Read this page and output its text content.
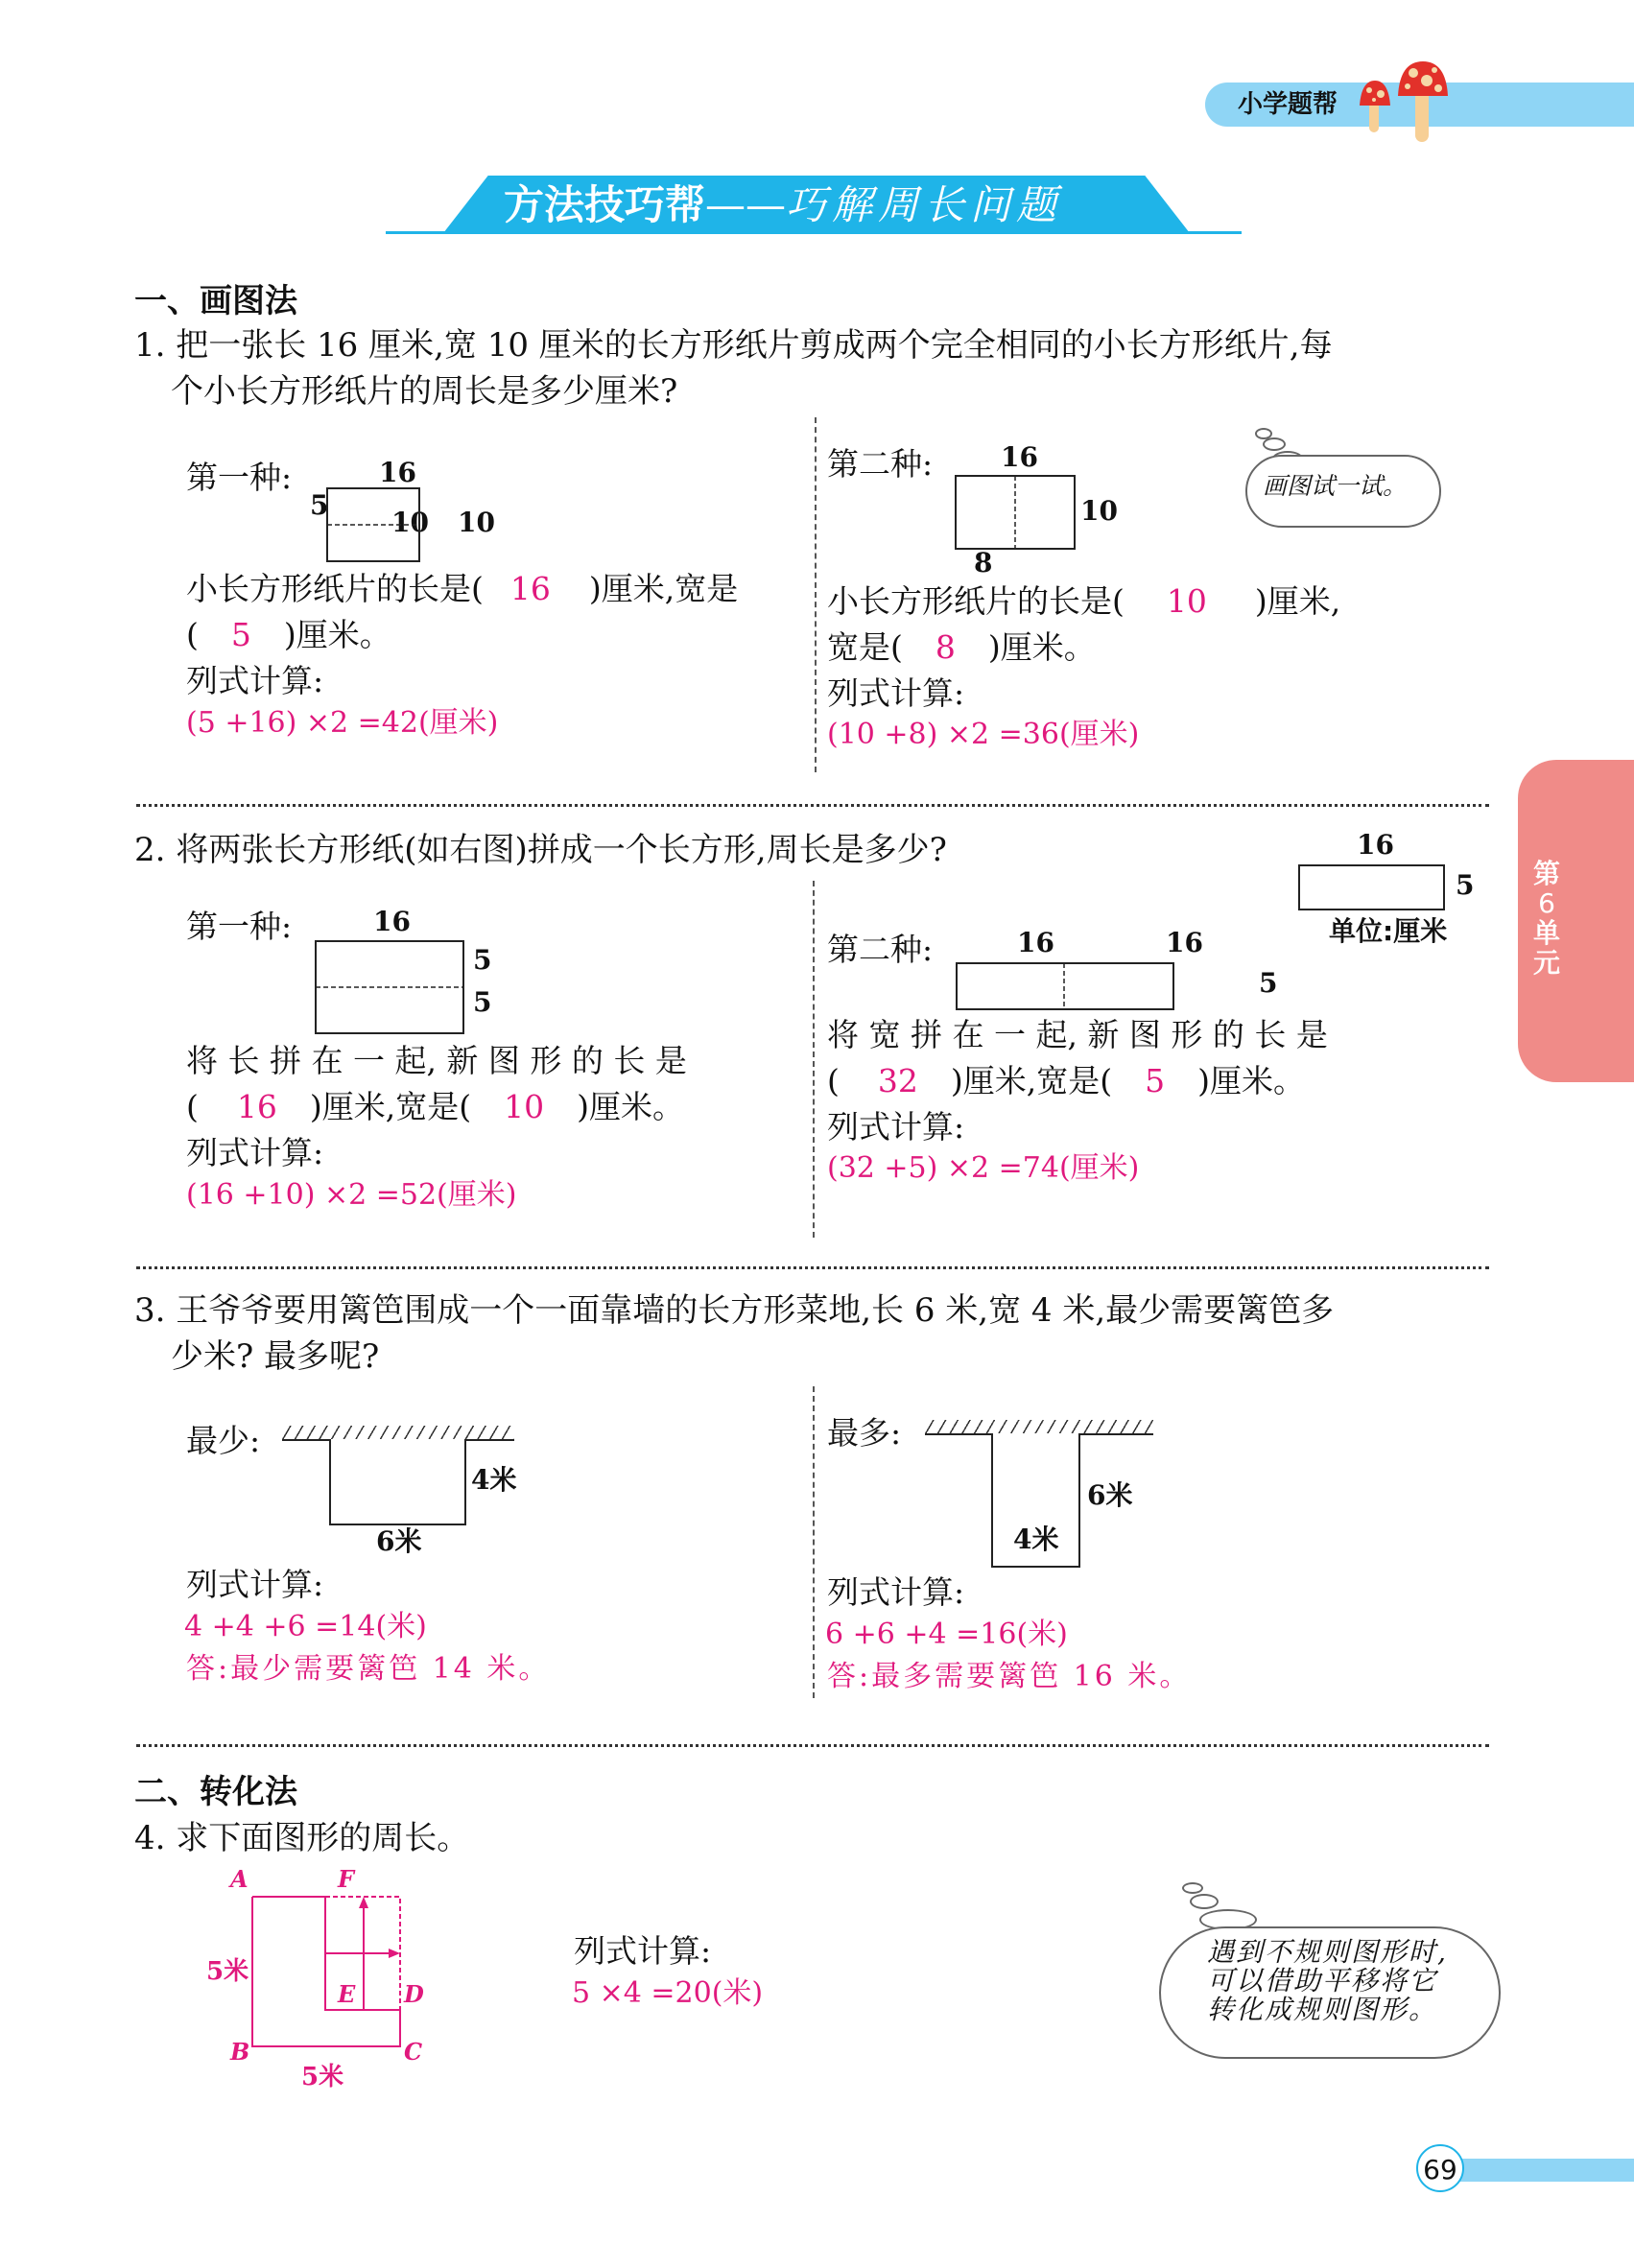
小学题帮
方法技巧帮——巧解周长问题
第
6
单
元
一、画图法
1. 把一张长 16 厘米,宽 10 厘米的长方形纸片剪成两个完全相同的小长方形纸片,每
个小长方形纸片的周长是多少厘米?
第一种:	16
5
10 10
小长方形纸片的长是( 16 )厘米,宽是
( 5 )厘米。
列式计算:
(5 +16) ×2 =42(厘米)
第二种:	16
10
8
小长方形纸片的长是( 10 )厘米,
宽是( 8 )厘米。
列式计算:
(10 +8) ×2 =36(厘米)
画图试一试。
2. 将两张长方形纸(如右图)拼成一个长方形,周长是多少?	16
5
单位:厘米
第一种:	16
5
5
将 长 拼 在 一 起, 新 图 形 的 长 是
( 16 )厘米,宽是( 10 )厘米。
列式计算:
(16 +10) ×2 =52(厘米)
第二种:	16	16
5
将 宽 拼 在 一 起, 新 图 形 的 长 是
( 32 )厘米,宽是( 5 )厘米。
列式计算:
(32 +5) ×2 =74(厘米)
3. 王爷爷要用篱笆围成一个一面靠墙的长方形菜地,长 6 米,宽 4 米,最少需要篱笆多
少米? 最多呢?
最少:
4米
6米
列式计算:
4 +4 +6 =14(米)
答:最少需要篱笆 14 米。
最多:
6米
4米
列式计算:
6 +6 +4 =16(米)
答:最多需要篱笆 16 米。
二、转化法
4. 求下面图形的周长。
A	F
E D
B	C
5米
5米
列式计算:
5 ×4 =20(米)
遇到不规则图形时,
可以借助平移将它
转化成规则图形。
69
